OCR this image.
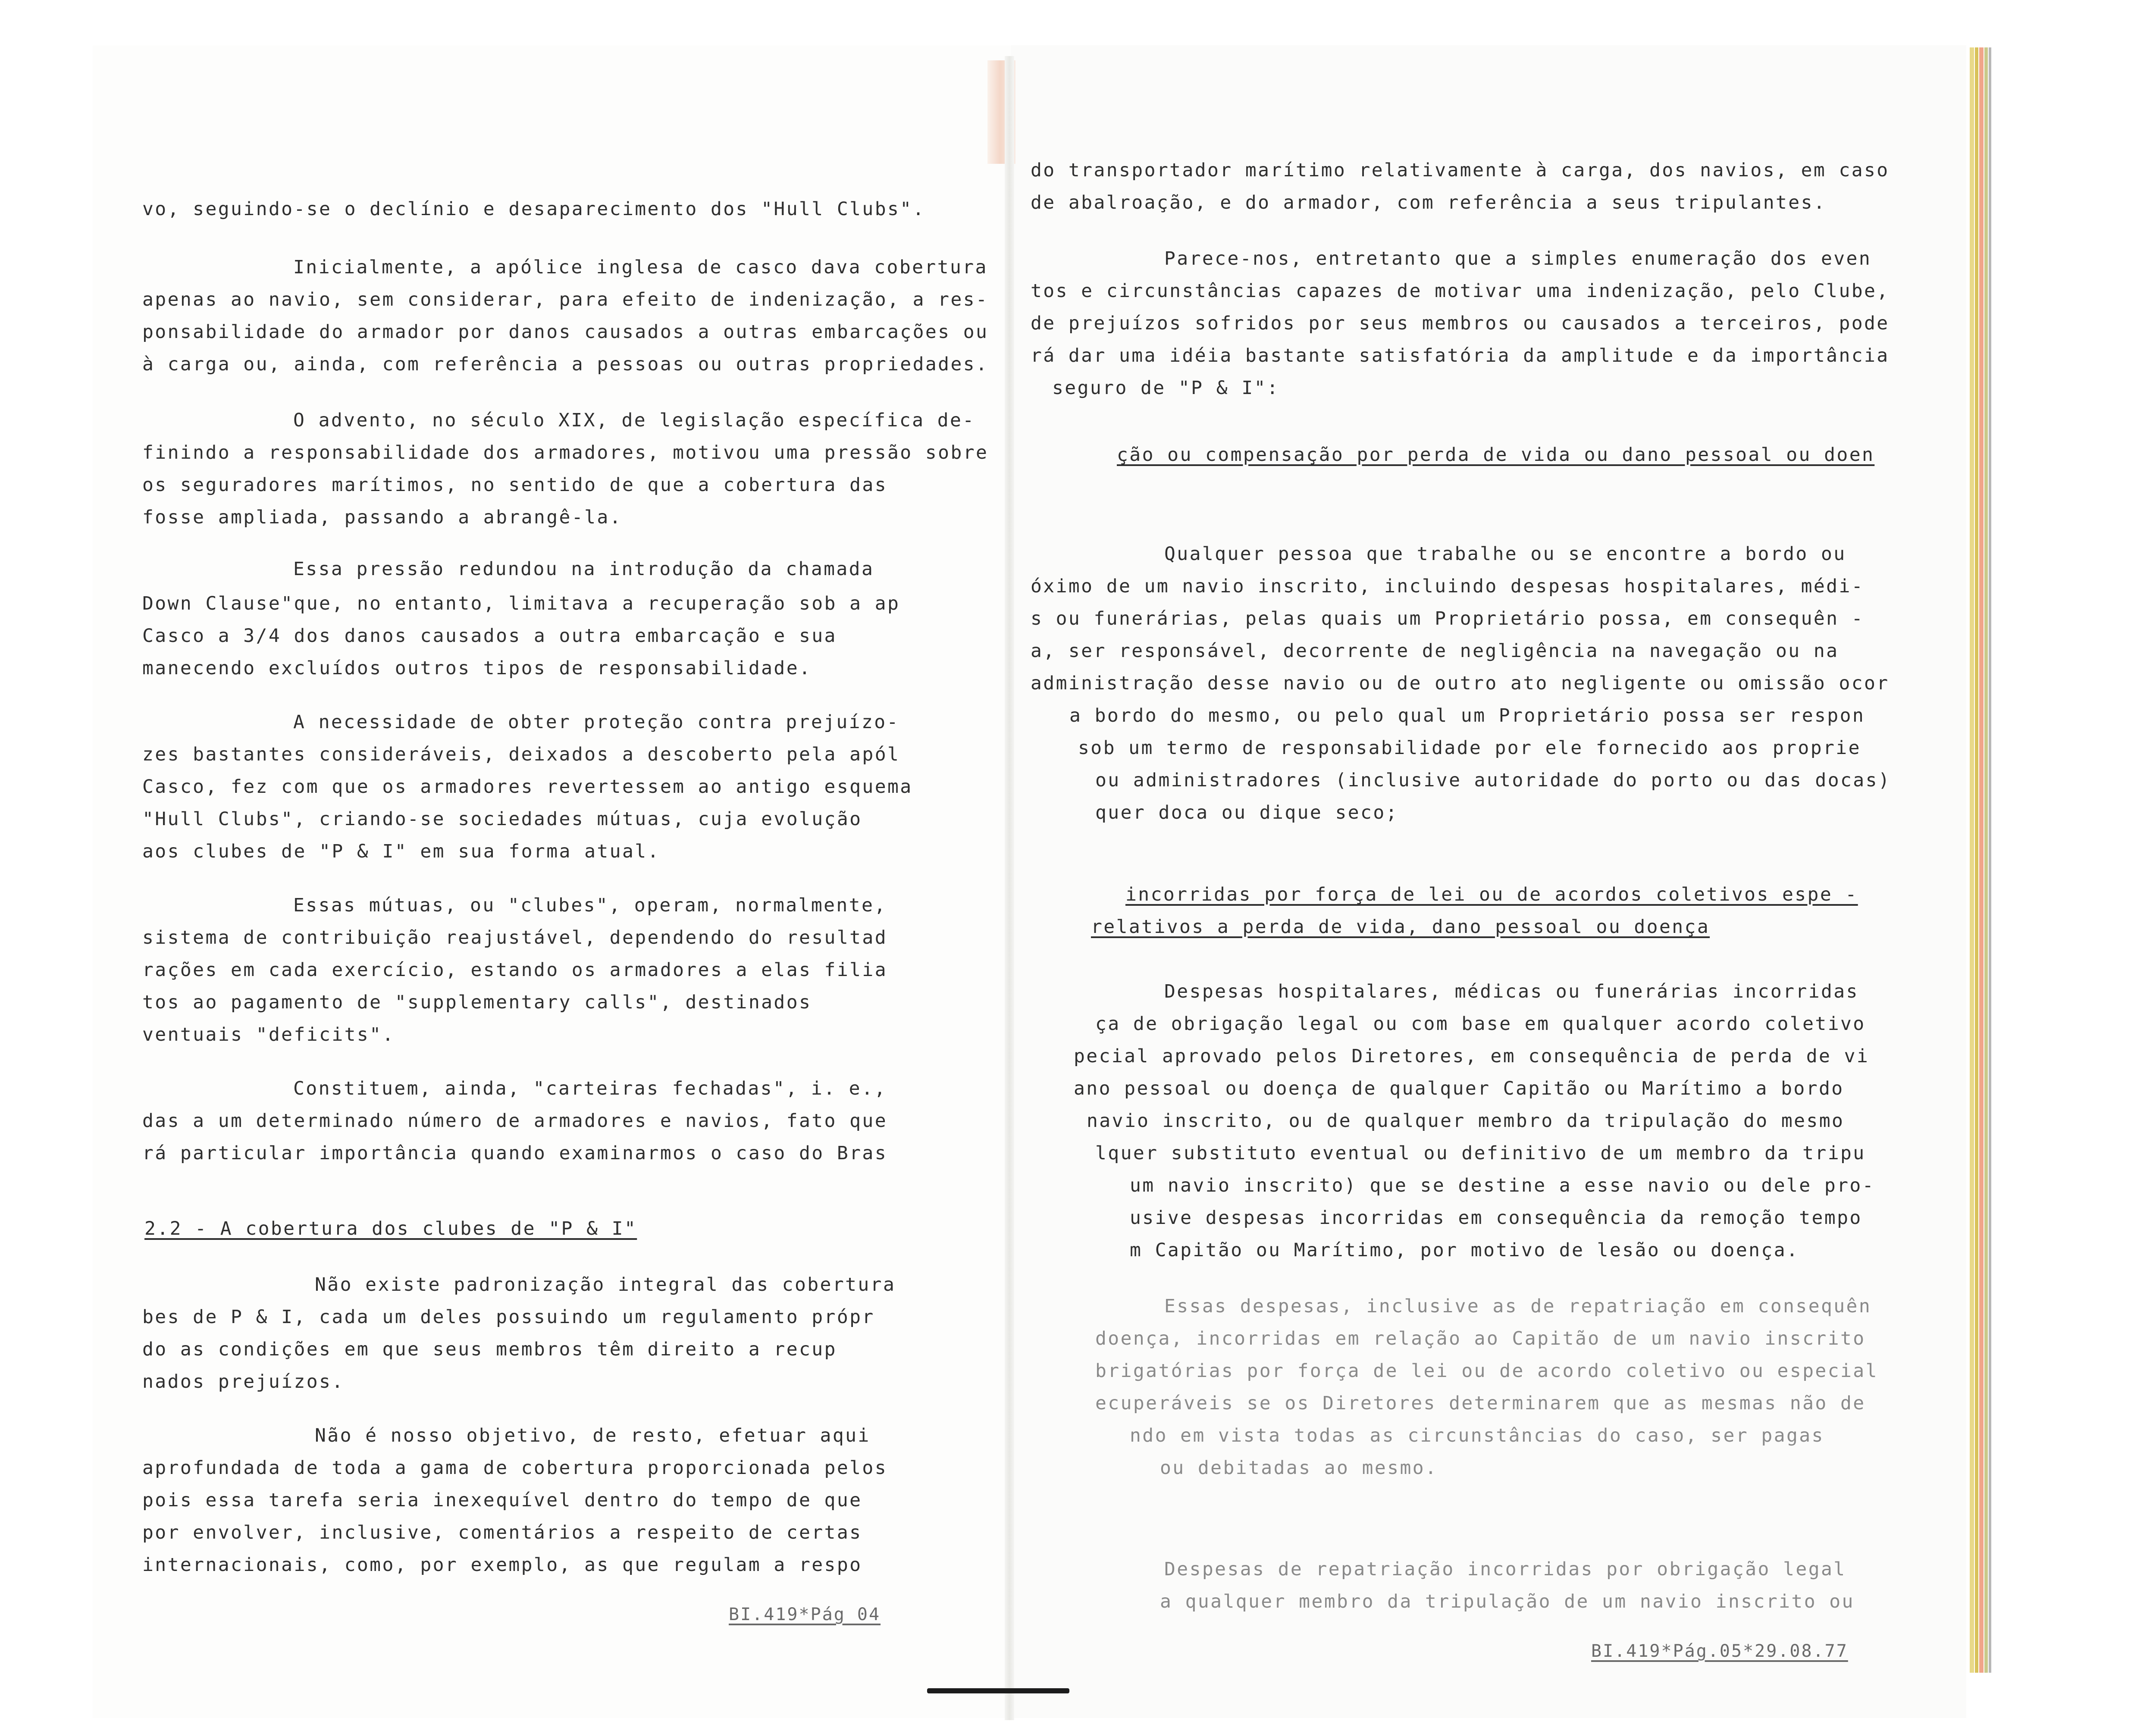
vo, seguindo-se o declínio e desaparecimento dos "Hull Clubs".
Inicialmente, a apólice inglesa de casco dava cobertura
apenas ao navio, sem considerar, para efeito de indenização, a res-
ponsabilidade do armador por danos causados a outras embarcações ou
à carga ou, ainda, com referência a pessoas ou outras propriedades.
O advento, no século XIX, de legislação específica de-
finindo a responsabilidade dos armadores, motivou uma pressão sobre
os seguradores marítimos, no sentido de que a cobertura das
fosse ampliada, passando a abrangê-la.
Essa pressão redundou na introdução da chamada
Down Clause"que, no entanto, limitava a recuperação sob a ap
Casco a 3/4 dos danos causados a outra embarcação e sua
manecendo excluídos outros tipos de responsabilidade.
A necessidade de obter proteção contra prejuízo-
zes bastantes consideráveis, deixados a descoberto pela apól
Casco, fez com que os armadores revertessem ao antigo esquema
"Hull Clubs", criando-se sociedades mútuas, cuja evolução
aos clubes de "P & I" em sua forma atual.
Essas mútuas, ou "clubes", operam, normalmente,
sistema de contribuição reajustável, dependendo do resultad
rações em cada exercício, estando os armadores a elas filia
tos ao pagamento de "supplementary calls", destinados
ventuais "deficits".
Constituem, ainda, "carteiras fechadas", i. e.,
das a um determinado número de armadores e navios, fato que
rá particular importância quando examinarmos o caso do Bras
2.2 - A cobertura dos clubes de "P & I"
Não existe padronização integral das cobertura
bes de P & I, cada um deles possuindo um regulamento própr
do as condições em que seus membros têm direito a recup
nados prejuízos.
Não é nosso objetivo, de resto, efetuar aqui
aprofundada de toda a gama de cobertura proporcionada pelos
pois essa tarefa seria inexequível dentro do tempo de que
por envolver, inclusive, comentários a respeito de certas
internacionais, como, por exemplo, as que regulam a respo
BI.419*Pág 04
do transportador marítimo relativamente à carga, dos navios, em caso
de abalroação, e do armador, com referência a seus tripulantes.
Parece-nos, entretanto que a simples enumeração dos even
tos e circunstâncias capazes de motivar uma indenização, pelo Clube,
de prejuízos sofridos por seus membros ou causados a terceiros, pode
rá dar uma idéia bastante satisfatória da amplitude e da importância
seguro de "P & I":
ção ou compensação por perda de vida ou dano pessoal ou doen
Qualquer pessoa que trabalhe ou se encontre a bordo ou
óximo de um navio inscrito, incluindo despesas hospitalares, médi-
s ou funerárias, pelas quais um Proprietário possa, em consequên -
a, ser responsável, decorrente de negligência na navegação ou na
administração desse navio ou de outro ato negligente ou omissão ocor
a bordo do mesmo, ou pelo qual um Proprietário possa ser respon
sob um termo de responsabilidade por ele fornecido aos proprie
ou administradores (inclusive autoridade do porto ou das docas)
quer doca ou dique seco;
incorridas por força de lei ou de acordos coletivos espe -
relativos a perda de vida, dano pessoal ou doença
Despesas hospitalares, médicas ou funerárias incorridas
ça de obrigação legal ou com base em qualquer acordo coletivo
pecial aprovado pelos Diretores, em consequência de perda de vi
ano pessoal ou doença de qualquer Capitão ou Marítimo a bordo
navio inscrito, ou de qualquer membro da tripulação do mesmo
lquer substituto eventual ou definitivo de um membro da tripu
um navio inscrito) que se destine a esse navio ou dele pro-
usive despesas incorridas em consequência da remoção tempo
m Capitão ou Marítimo, por motivo de lesão ou doença.
Essas despesas, inclusive as de repatriação em consequên
doença, incorridas em relação ao Capitão de um navio inscrito
brigatórias por força de lei ou de acordo coletivo ou especial
ecuperáveis se os Diretores determinarem que as mesmas não de
ndo em vista todas as circunstâncias do caso, ser pagas
ou debitadas ao mesmo.
Despesas de repatriação incorridas por obrigação legal
a qualquer membro da tripulação de um navio inscrito ou
BI.419*Pág.05*29.08.77
